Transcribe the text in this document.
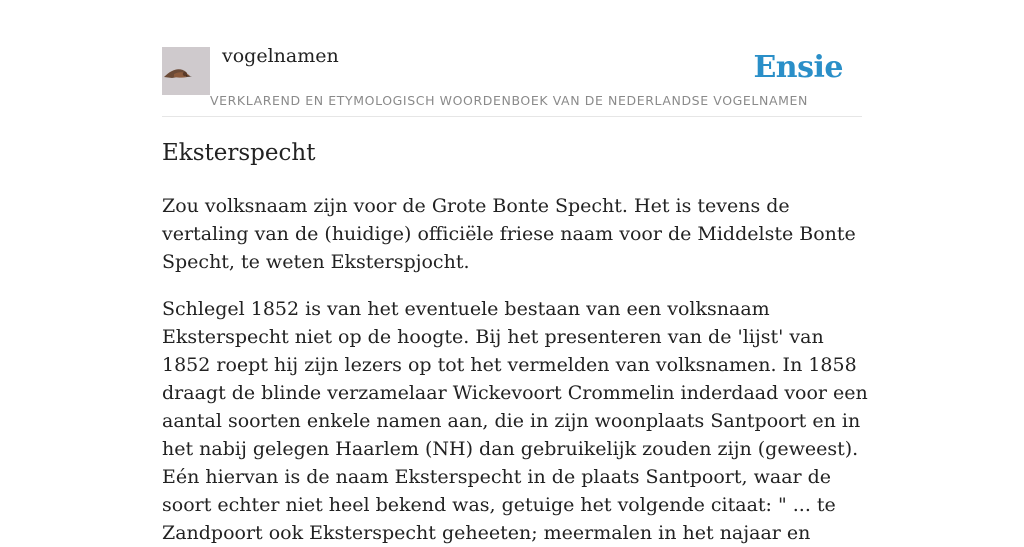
vogelnamen	Ensie
VERKLAREND EN ETYMOLOGISCH WOORDENBOEK VAN DE NEDERLANDSE VOGELNAMEN
Eksterspecht

Zou volksnaam zijn voor de Grote Bonte Specht. Het is tevens de vertaling van de (huidige) officiële friese naam voor de Middelste Bonte Specht, te weten Eksterspjocht.

Schlegel 1852 is van het eventuele bestaan van een volksnaam Eksterspecht niet op de hoogte. Bij het presenteren van de 'lijst' van 1852 roept hij zijn lezers op tot het vermelden van volksnamen. In 1858 draagt de blinde verzamelaar Wickevoort Crommelin inderdaad voor een aantal soorten enkele namen aan, die in zijn woonplaats Santpoort en in het nabij gelegen Haarlem (NH) dan gebruikelijk zouden zijn (geweest). Eén hiervan is de naam Eksterspecht in de plaats Santpoort, waar de soort echter niet heel bekend was, getuige het volgende citaat: " ... te Zandpoort ook Eksterspecht geheeten; meermalen in het najaar en
